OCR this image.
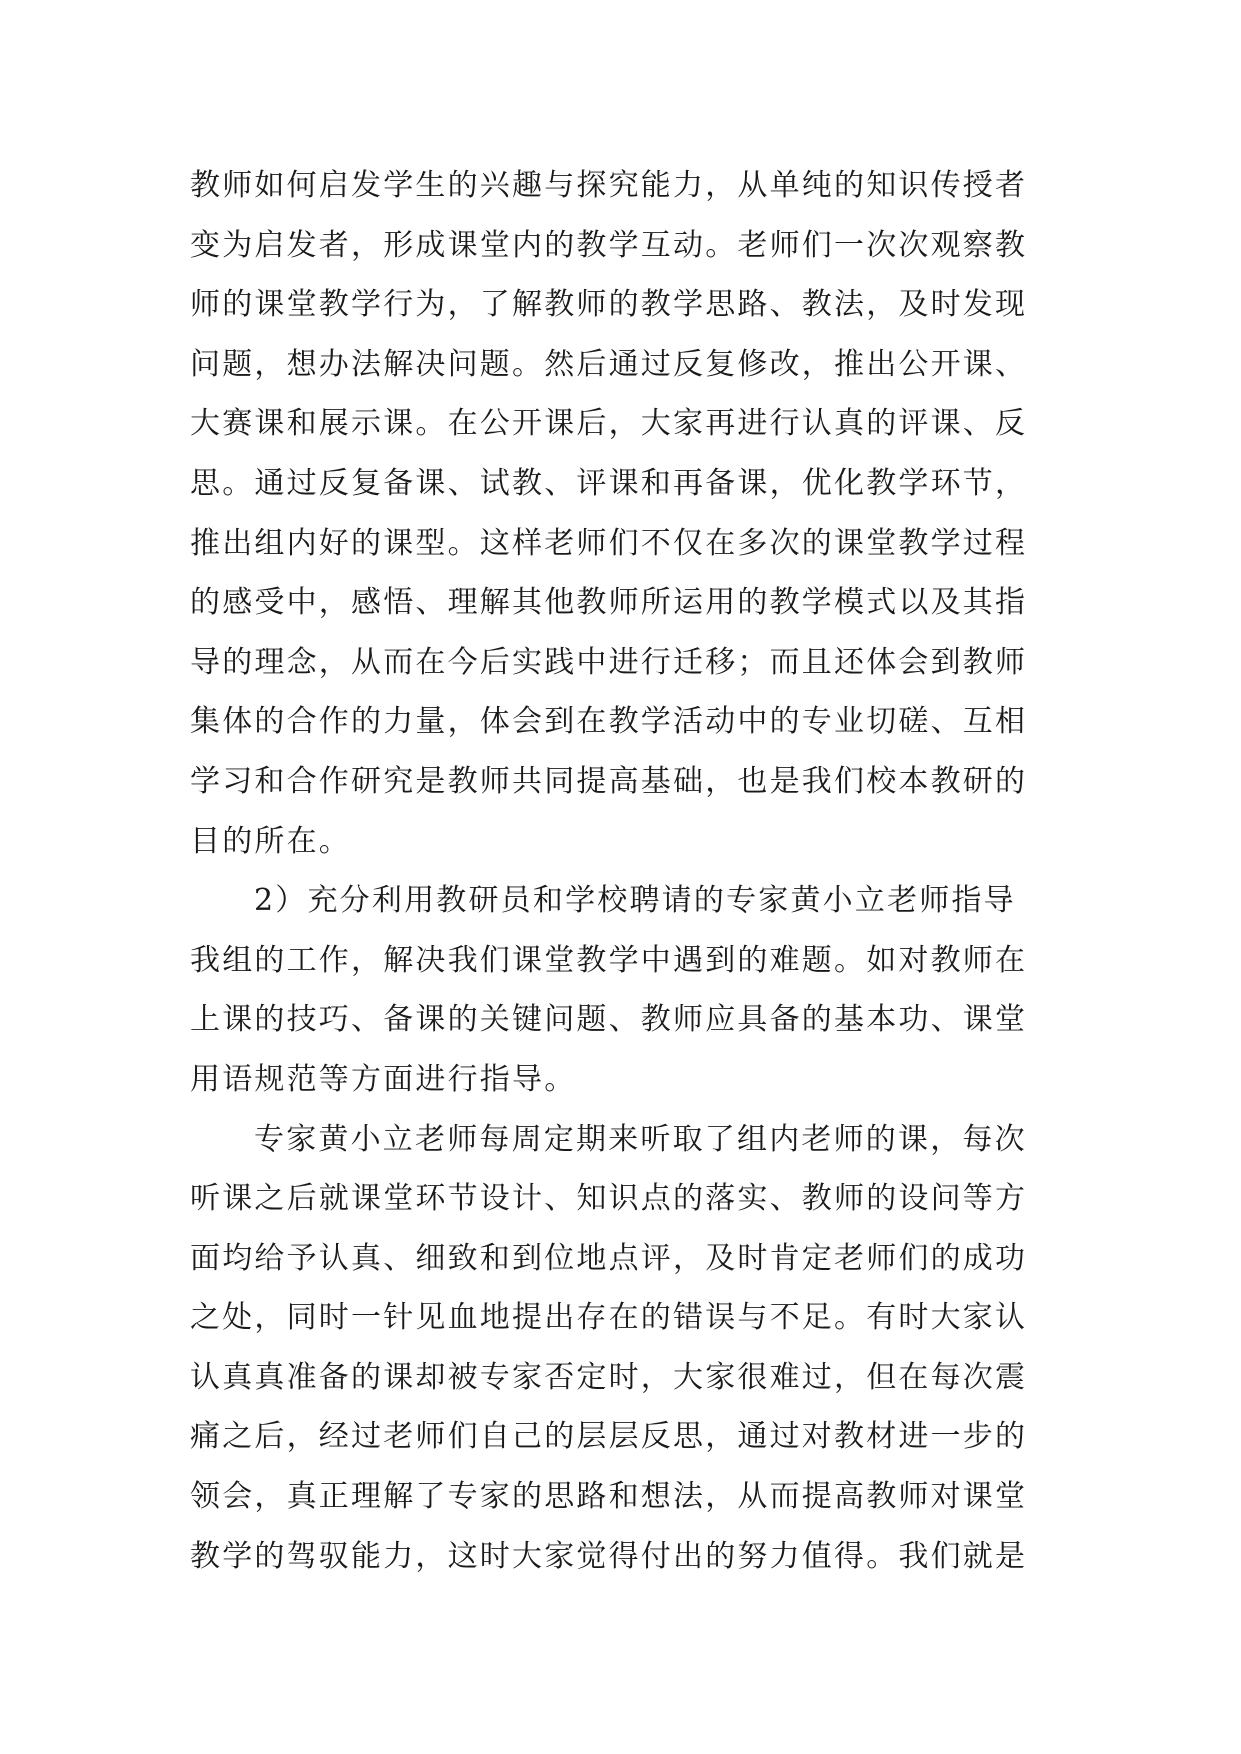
教师如何启发学生的兴趣与探究能力，从单纯的知识传授者
变为启发者，形成课堂内的教学互动。老师们一次次观察教
师的课堂教学行为，了解教师的教学思路、教法，及时发现
问题，想办法解决问题。然后通过反复修改，推出公开课、
大赛课和展示课。在公开课后，大家再进行认真的评课、反
思。通过反复备课、试教、评课和再备课，优化教学环节，
推出组内好的课型。这样老师们不仅在多次的课堂教学过程
的感受中，感悟、理解其他教师所运用的教学模式以及其指
导的理念，从而在今后实践中进行迁移；而且还体会到教师
集体的合作的力量，体会到在教学活动中的专业切磋、互相
学习和合作研究是教师共同提高基础，也是我们校本教研的
目的所在。
2）充分利用教研员和学校聘请的专家黄小立老师指导
我组的工作，解决我们课堂教学中遇到的难题。如对教师在
上课的技巧、备课的关键问题、教师应具备的基本功、课堂
用语规范等方面进行指导。
专家黄小立老师每周定期来听取了组内老师的课，每次
听课之后就课堂环节设计、知识点的落实、教师的设问等方
面均给予认真、细致和到位地点评，及时肯定老师们的成功
之处，同时一针见血地提出存在的错误与不足。有时大家认
认真真准备的课却被专家否定时，大家很难过，但在每次震
痛之后，经过老师们自己的层层反思，通过对教材进一步的
领会，真正理解了专家的思路和想法，从而提高教师对课堂
教学的驾驭能力，这时大家觉得付出的努力值得。我们就是
